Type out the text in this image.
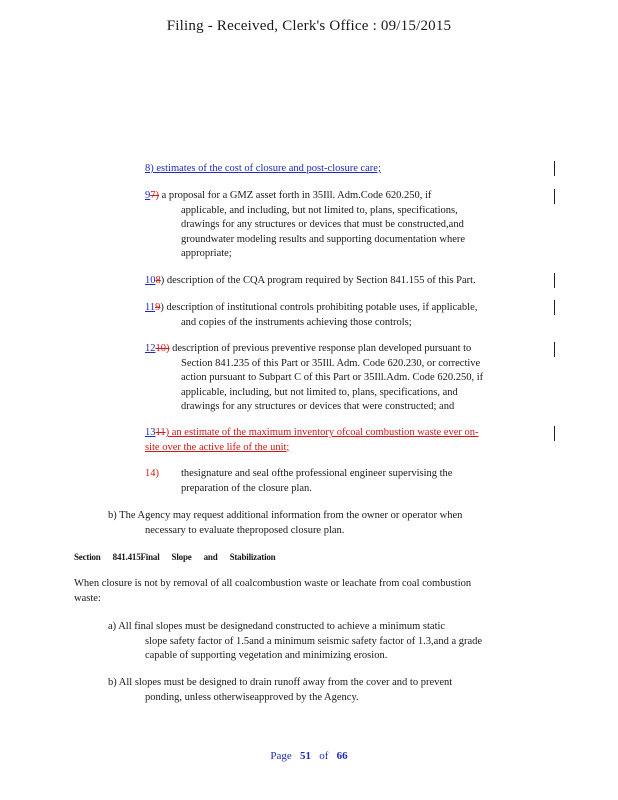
Filing - Received, Clerk's Office : 09/15/2015
8) estimates of the cost of closure and post-closure care;
97) a proposal for a GMZ asset forth in 35Ill. Adm.Code 620.250, if
applicable, and including, but not limited to, plans, specifications,
drawings for any structures or devices that must be constructed,and
groundwater modeling results and supporting documentation where
appropriate;
108) description of the CQA program required by Section 841.155 of this Part.
119) description of institutional controls prohibiting potable uses, if applicable,
and copies of the instruments achieving those controls;
1210) description of previous preventive response plan developed pursuant to
Section 841.235 of this Part or 35Ill. Adm. Code 620.230, or corrective
action pursuant to Subpart C of this Part or 35Ill.Adm. Code 620.250, if
applicable, including, but not limited to, plans, specifications, and
drawings for any structures or devices that were constructed; and
1311) an estimate of the maximum inventory ofcoal combustion waste ever on-
site over the active life of the unit;
14) thesignature and seal ofthe professional engineer supervising the
preparation of the closure plan.
b) The Agency may request additional information from the owner or operator when
necessary to evaluate theproposed closure plan.
Section 841.415Final Slope and Stabilization
When closure is not by removal of all coalcombustion waste or leachate from coal combustion
waste:
a) All final slopes must be designedand constructed to achieve a minimum static
slope safety factor of 1.5and a minimum seismic safety factor of 1.3,and a grade
capable of supporting vegetation and minimizing erosion.
b) All slopes must be designed to drain runoff away from the cover and to prevent
ponding, unless otherwiseapproved by the Agency.
Page   51   of   66
